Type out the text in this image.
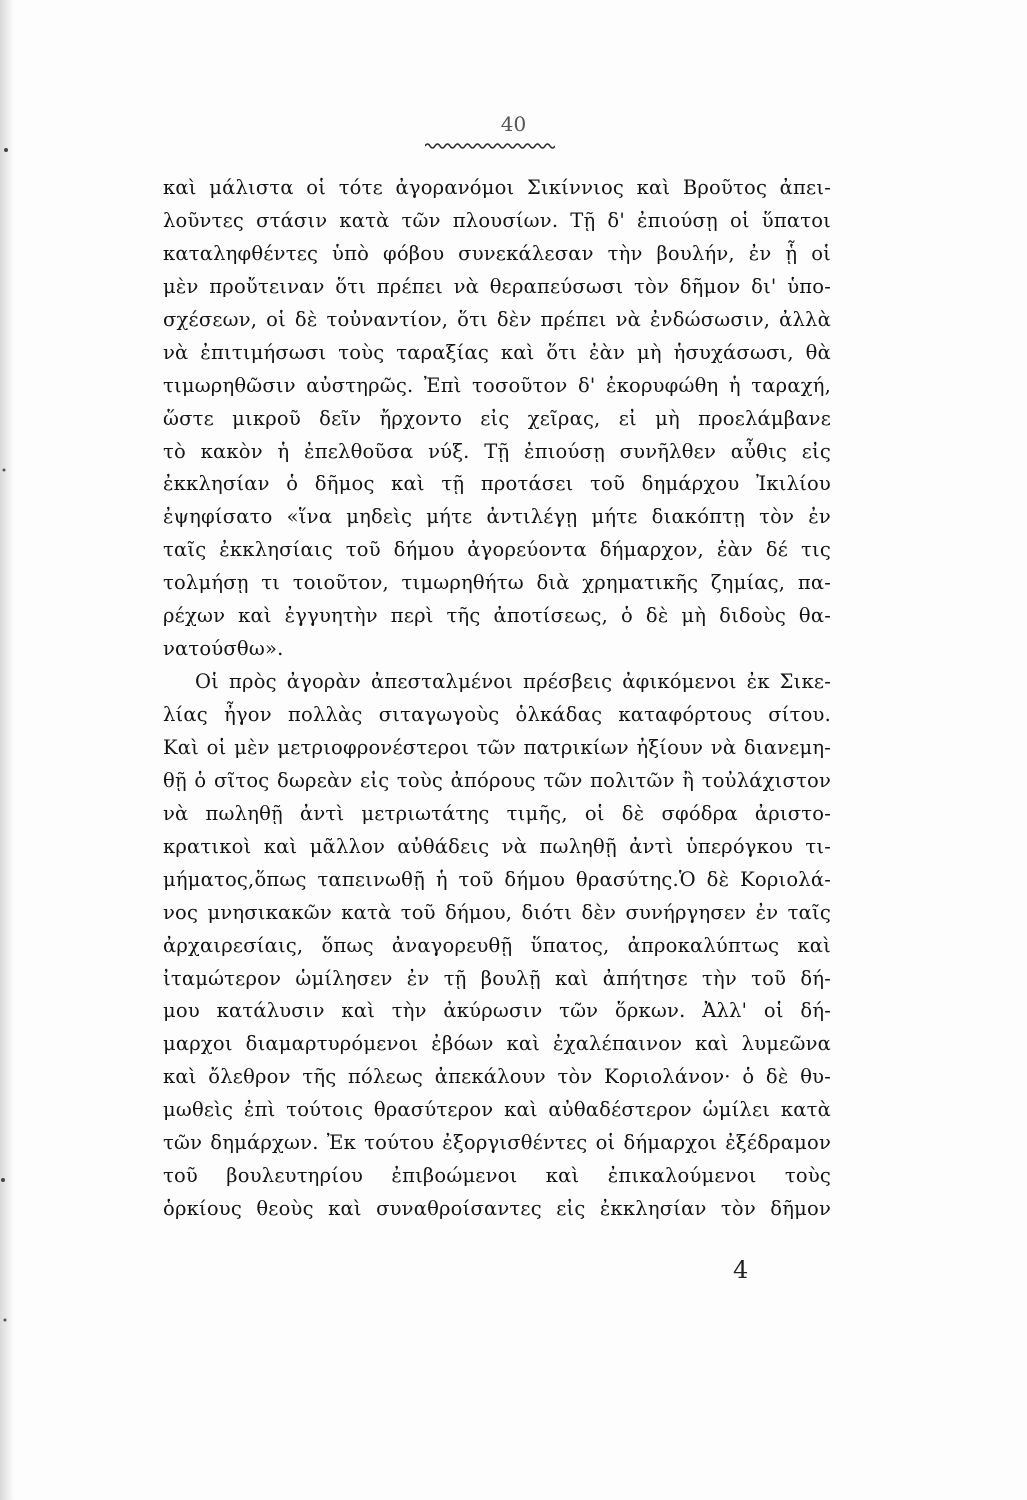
40
καὶ μάλιστα οἱ τότε ἀγορανόμοι Σικίννιος καὶ Βροῦτος ἀπει-
λοῦντες στάσιν κατὰ τῶν πλουσίων. Τῇ δ' ἐπιούσῃ οἱ ὕπατοι
καταληφθέντες ὑπὸ φόβου συνεκάλεσαν τὴν βουλήν, ἐν ᾗ οἱ
μὲν προὔτειναν ὅτι πρέπει νὰ θεραπεύσωσι τὸν δῆμον δι' ὑπο-
σχέσεων, οἱ δὲ τοὐναντίον, ὅτι δὲν πρέπει νὰ ἐνδώσωσιν, ἀλλὰ
νὰ ἐπιτιμήσωσι τοὺς ταραξίας καὶ ὅτι ἐὰν μὴ ἡσυχάσωσι, θὰ
τιμωρηθῶσιν αὐστηρῶς. Ἐπὶ τοσοῦτον δ' ἐκορυφώθη ἡ ταραχή,
ὥστε μικροῦ δεῖν ἤρχοντο εἰς χεῖρας, εἰ μὴ προελάμβανε
τὸ κακὸν ἡ ἐπελθοῦσα νύξ. Τῇ ἐπιούσῃ συνῆλθεν αὖθις εἰς
ἐκκλησίαν ὁ δῆμος καὶ τῇ προτάσει τοῦ δημάρχου Ἰκιλίου
ἐψηφίσατο «ἵνα μηδεὶς μήτε ἀντιλέγῃ μήτε διακόπτῃ τὸν ἐν
ταῖς ἐκκλησίαις τοῦ δήμου ἀγορεύοντα δήμαρχον, ἐὰν δέ τις
τολμήσῃ τι τοιοῦτον, τιμωρηθήτω διὰ χρηματικῆς ζημίας, πα-
ρέχων καὶ ἐγγυητὴν περὶ τῆς ἀποτίσεως, ὁ δὲ μὴ διδοὺς θα-
νατούσθω».
Οἱ πρὸς ἀγορὰν ἀπεσταλμένοι πρέσβεις ἀφικόμενοι ἐκ Σικε-
λίας ἦγον πολλὰς σιταγωγοὺς ὁλκάδας καταφόρτους σίτου.
Καὶ οἱ μὲν μετριοφρονέστεροι τῶν πατρικίων ἠξίουν νὰ διανεμη-
θῇ ὁ σῖτος δωρεὰν εἰς τοὺς ἀπόρους τῶν πολιτῶν ἢ τοὐλάχιστον
νὰ πωληθῇ ἀντὶ μετριωτάτης τιμῆς, οἱ δὲ σφόδρα ἀριστο-
κρατικοὶ καὶ μᾶλλον αὐθάδεις νὰ πωληθῇ ἀντὶ ὑπερόγκου τι-
μήματος,ὅπως ταπεινωθῇ ἡ τοῦ δήμου θρασύτης.Ὁ δὲ Κοριολά-
νος μνησικακῶν κατὰ τοῦ δήμου, διότι δὲν συνήργησεν ἐν ταῖς
ἀρχαιρεσίαις, ὅπως ἀναγορευθῇ ὕπατος, ἀπροκαλύπτως καὶ
ἰταμώτερον ὡμίλησεν ἐν τῇ βουλῇ καὶ ἀπήτησε τὴν τοῦ δή-
μου κατάλυσιν καὶ τὴν ἀκύρωσιν τῶν ὅρκων. Ἀλλ' οἱ δή-
μαρχοι διαμαρτυρόμενοι ἐβόων καὶ ἐχαλέπαινον καὶ λυμεῶνα
καὶ ὄλεθρον τῆς πόλεως ἀπεκάλουν τὸν Κοριολάνον· ὁ δὲ θυ-
μωθεὶς ἐπὶ τούτοις θρασύτερον καὶ αὐθαδέστερον ὡμίλει κατὰ
τῶν δημάρχων. Ἐκ τούτου ἐξοργισθέντες οἱ δήμαρχοι ἐξέδραμον
τοῦ βουλευτηρίου ἐπιβοώμενοι καὶ ἐπικαλούμενοι τοὺς
ὁρκίους θεοὺς καὶ συναθροίσαντες εἰς ἐκκλησίαν τὸν δῆμον
4
